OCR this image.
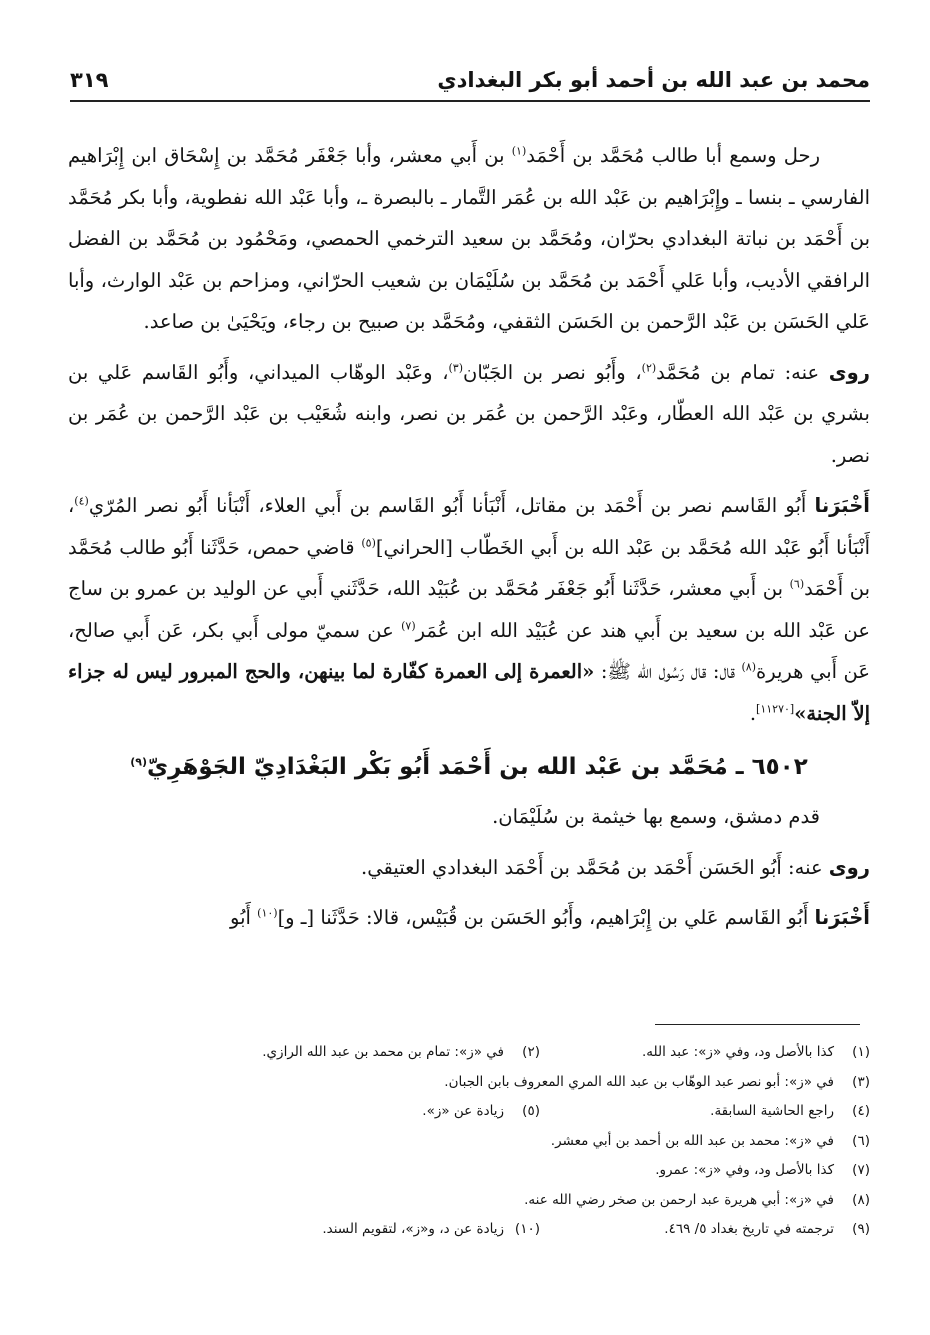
محمد بن عبد الله بن أحمد أبو بكر البغدادي
٣١٩

رحل وسمع أبا طالب مُحَمَّد بن أَحْمَد$^{(١)}$ بن أَبي معشر، وأبا جَعْفَر مُحَمَّد بن إِسْحَاق ابن إِبْرَاهيم الفارسي ـ بنسا ـ وإِبْرَاهيم بن عَبْد الله بن عُمَر التَّمار ـ بالبصرة ـ، وأبا عَبْد الله نفطوية، وأبا بكر مُحَمَّد بن أَحْمَد بن نباتة البغدادي بحرّان، ومُحَمَّد بن سعيد الترخمي الحمصي، ومَحْمُود بن مُحَمَّد بن الفضل الرافقي الأديب، وأبا عَلي أَحْمَد بن مُحَمَّد بن سُلَيْمَان بن شعيب الحرّاني، ومزاحم بن عَبْد الوارث، وأبا عَلي الحَسَن بن عَبْد الرَّحمن بن الحَسَن الثقفي، ومُحَمَّد بن صبيح بن رجاء، ويَحْيَىٰ بن صاعد.

روى عنه: تمام بن مُحَمَّد$^{(٢)}$، وأَبُو نصر بن الجَبّان$^{(٣)}$، وعَبْد الوهّاب الميداني، وأَبُو القَاسم عَلي بن بشري بن عَبْد الله العطّار، وعَبْد الرَّحمن بن عُمَر بن نصر، وابنه شُعَيْب بن عَبْد الرَّحمن بن عُمَر بن نصر.

أَخْبَرَنا أَبُو القَاسم نصر بن أَحْمَد بن مقاتل، أَنْبَأنا أَبُو القَاسم بن أَبي العلاء، أَنْبَأنا أَبُو نصر المُرّي$^{(٤)}$، أَنْبَأنا أَبُو عَبْد الله مُحَمَّد بن عَبْد الله بن أَبي الخَطّاب [الحراني]$^{(٥)}$ قاضي حمص، حَدَّثَنا أَبُو طالب مُحَمَّد بن أَحْمَد$^{(٦)}$ بن أَبي معشر، حَدَّثَنا أَبُو جَعْفَر مُحَمَّد بن عُبَيْد الله، حَدَّثَني أَبي عن الوليد بن عمرو بن ساج عن عَبْد الله بن سعيد بن أَبي هند عن عُبَيْد الله ابن عُمَر$^{(٧)}$ عن سميّ مولى أَبي بكر، عَن أَبي صالح، عَن أَبي هريرة$^{(٨)}$ قال: قال رَسُول الله ﷺ: «العمرة إلى العمرة كفّارة لما بينهن، والحج المبرور ليس له جزاء إلاّ الجنة»[١١٢٧٠].

٦٥٠٢ ـ مُحَمَّد بن عَبْد الله بن أَحْمَد أَبُو بَكْر البَغْدَادِيّ الجَوْهَرِيّ$^{(٩)}$

قدم دمشق، وسمع بها خيثمة بن سُلَيْمَان.

روى عنه: أَبُو الحَسَن أَحْمَد بن مُحَمَّد بن أَحْمَد البغدادي العتيقي.

أَخْبَرَنا أَبُو القَاسم عَلي بن إِبْرَاهيم، وأَبُو الحَسَن بن قُبَيْس، قالا: حَدَّثَنا [ـ و]$^{(١٠)}$ أَبُو

(١)كذا بالأصل ود، وفي «ز»: عبد الله.
(٢)في «ز»: تمام بن محمد بن عبد الله الرازي.
(٣)في «ز»: أبو نصر عبد الوهّاب بن عبد الله المري المعروف بابن الجبان.
(٤)راجع الحاشية السابقة.
(٥)زيادة عن «ز».
(٦)في «ز»: محمد بن عبد الله بن أحمد بن أبي معشر.
(٧)كذا بالأصل ود، وفي «ز»: عمرو.
(٨)في «ز»: أبي هريرة عبد ارحمن بن صخر رضي الله عنه.
(٩)ترجمته في تاريخ بغداد ٥/ ٤٦٩.
(١٠)زيادة عن د، و«ز»، لتقويم السند.
